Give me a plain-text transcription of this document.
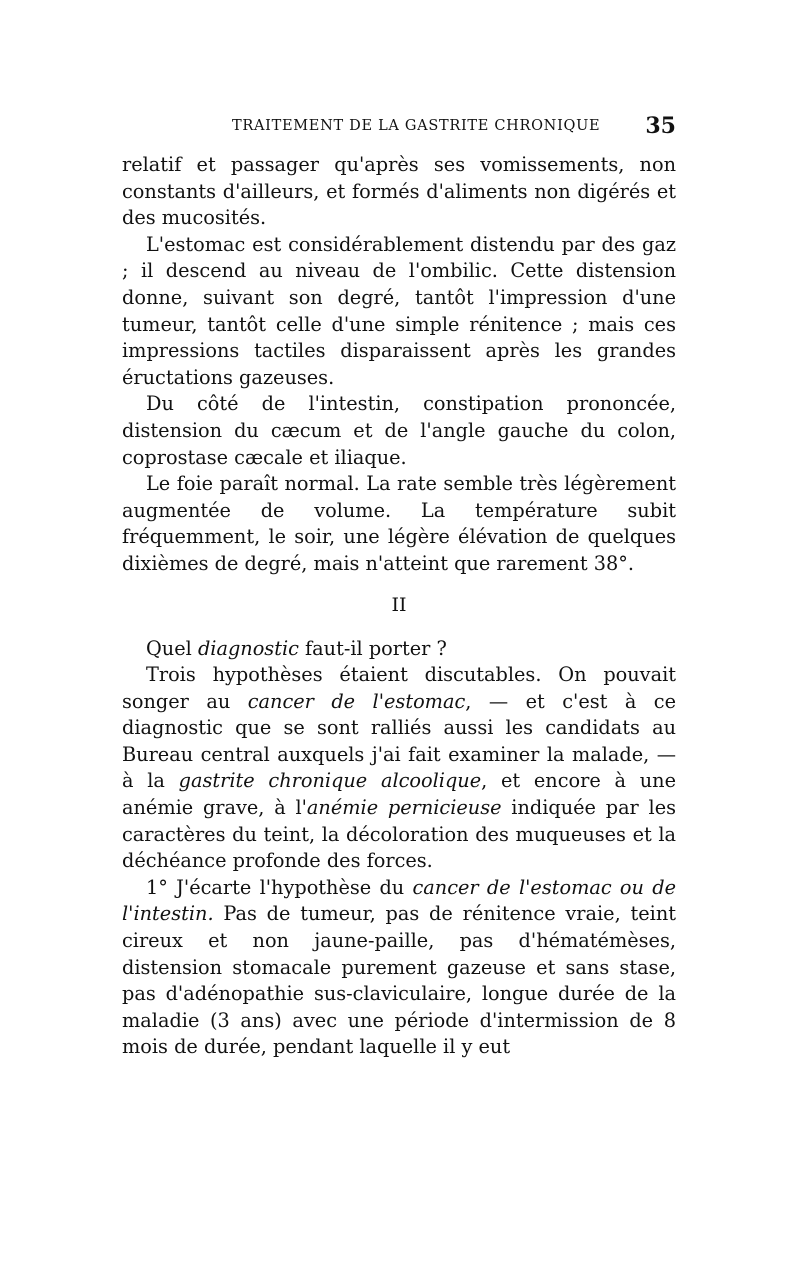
TRAITEMENT DE LA GASTRITE CHRONIQUE 35

relatif et passager qu'après ses vomissements, non constants d'ailleurs, et formés d'aliments non digérés et des mucosités.

L'estomac est considérablement distendu par des gaz ; il descend au niveau de l'ombilic. Cette distension donne, suivant son degré, tantôt l'impression d'une tumeur, tantôt celle d'une simple rénitence ; mais ces impressions tactiles disparaissent après les grandes éructations gazeuses.

Du côté de l'intestin, constipation prononcée, distension du cæcum et de l'angle gauche du colon, coprostase cæcale et iliaque.

Le foie paraît normal. La rate semble très légèrement augmentée de volume. La température subit fréquemment, le soir, une légère élévation de quelques dixièmes de degré, mais n'atteint que rarement 38°.

II

Quel diagnostic faut-il porter ?

Trois hypothèses étaient discutables. On pouvait songer au cancer de l'estomac, — et c'est à ce diagnostic que se sont ralliés aussi les candidats au Bureau central auxquels j'ai fait examiner la malade, — à la gastrite chronique alcoolique, et encore à une anémie grave, à l'anémie pernicieuse indiquée par les caractères du teint, la décoloration des muqueuses et la déchéance profonde des forces.

1° J'écarte l'hypothèse du cancer de l'estomac ou de l'intestin. Pas de tumeur, pas de rénitence vraie, teint cireux et non jaune-paille, pas d'hématémèses, distension stomacale purement gazeuse et sans stase, pas d'adénopathie sus-claviculaire, longue durée de la maladie (3 ans) avec une période d'intermission de 8 mois de durée, pendant laquelle il y eut
